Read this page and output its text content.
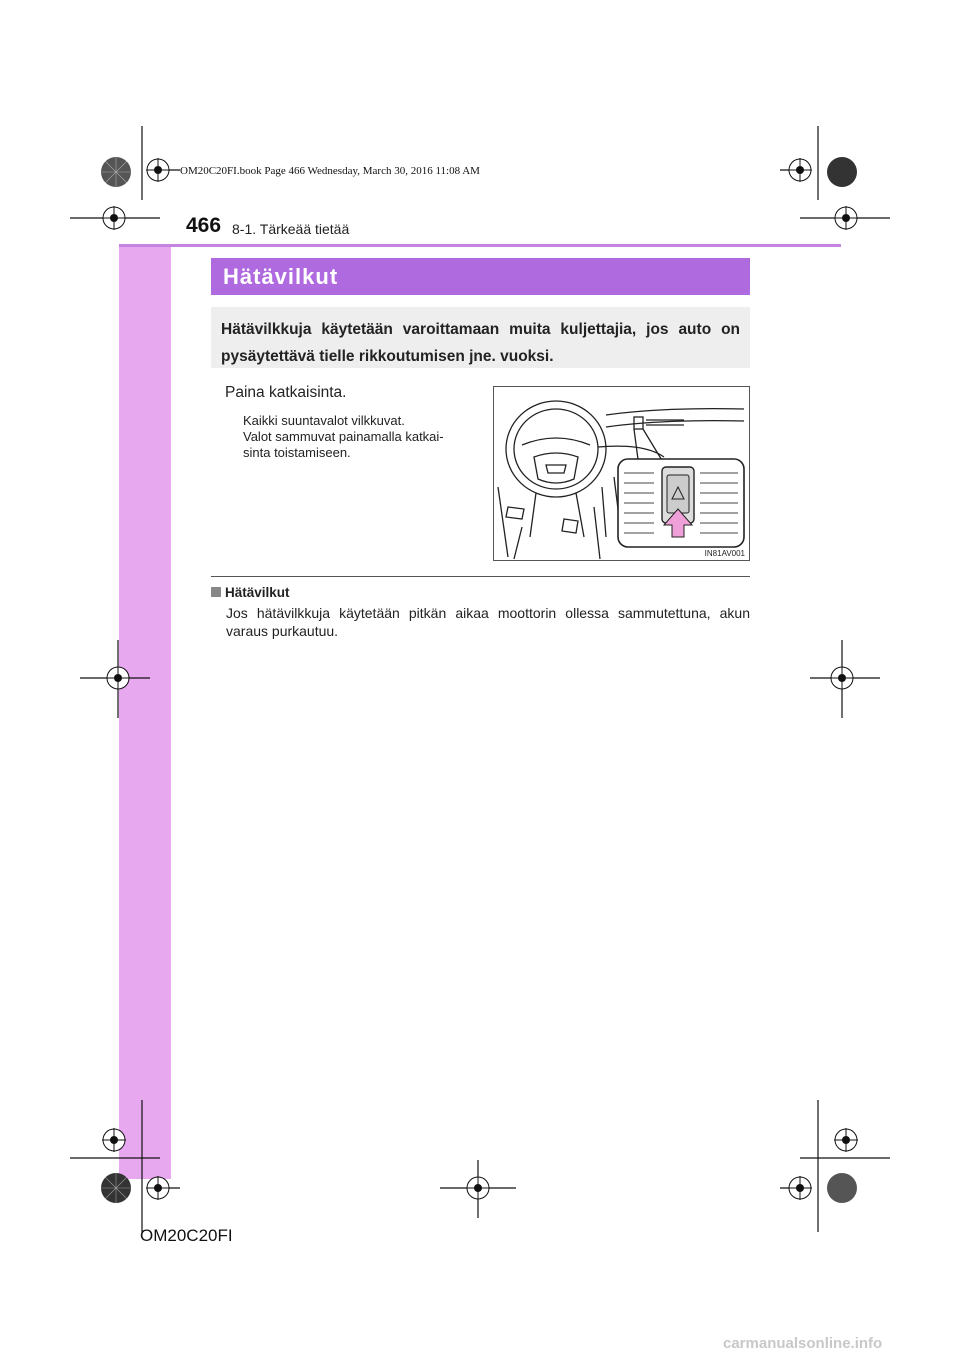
OM20C20FI.book Page 466 Wednesday, March 30, 2016 11:08 AM
466 8-1. Tärkeää tietää
Hätävilkut
Hätävilkkuja käytetään varoittamaan muita kuljettajia, jos auto on pysäytettävä tielle rikkoutumisen jne. vuoksi.
Paina katkaisinta.
Kaikki suuntavalot vilkkuvat.
Valot sammuvat painamalla katkai-
sinta toistamiseen.
IN81AV001
Hätävilkut
Jos hätävilkkuja käytetään pitkän aikaa moottorin ollessa sammutettuna, akun varaus purkautuu.
OM20C20FI
carmanualsonline.info
